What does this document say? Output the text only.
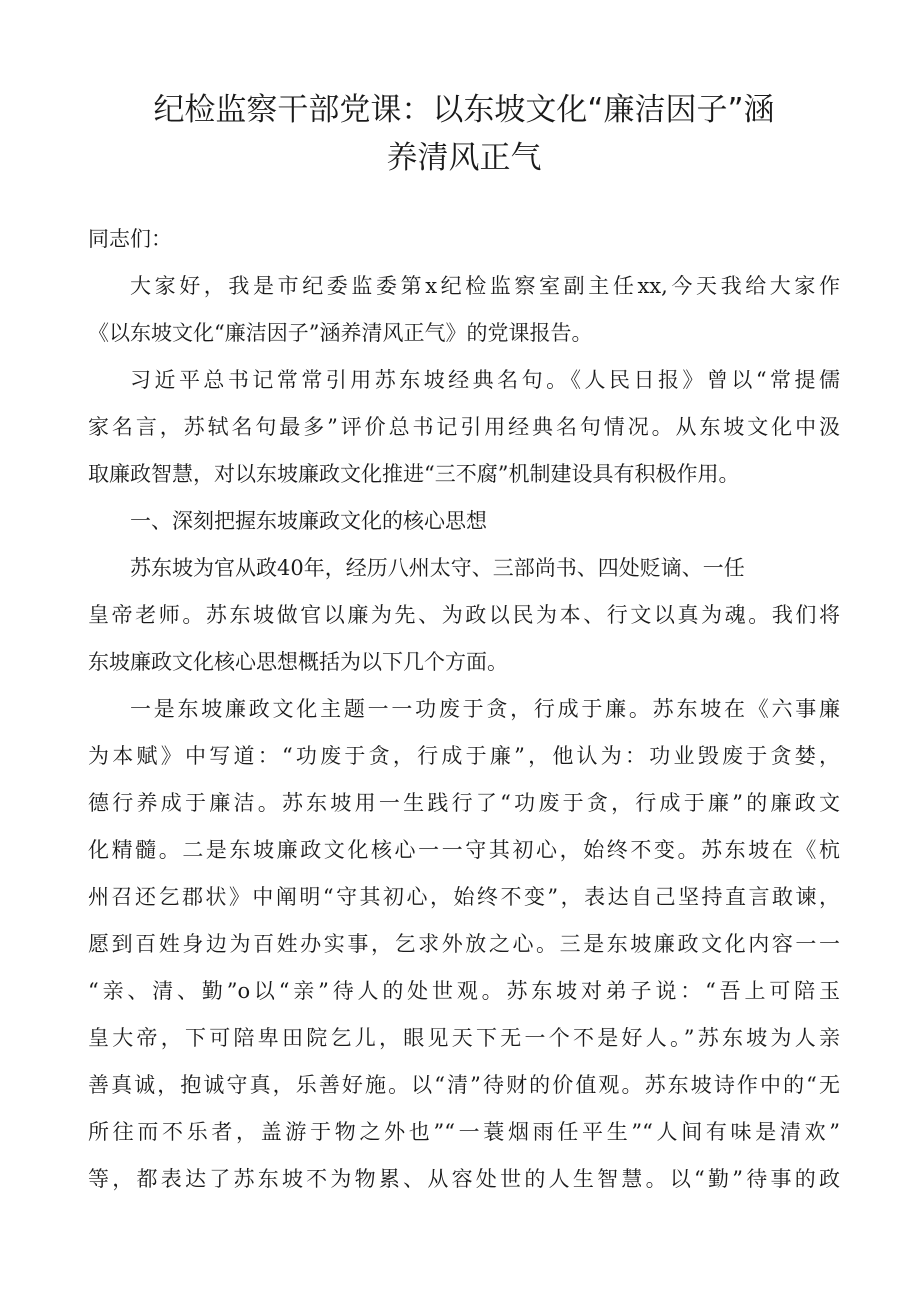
纪检监察干部党课：以东坡文化“廉洁因子”涵
养清风正气

同志们：

大家好，我是市纪委监委第x纪检监察室副主任xx,今天我给大家作
《以东坡文化“廉洁因子”涵养清风正气》的党课报告。

习近平总书记常常引用苏东坡经典名句。《人民日报》曾以“常提儒
家名言，苏轼名句最多”评价总书记引用经典名句情况。从东坡文化中汲
取廉政智慧，对以东坡廉政文化推进“三不腐”机制建设具有积极作用。

一、深刻把握东坡廉政文化的核心思想

苏东坡为官从政40年，经历八州太守、三部尚书、四处贬谪、一任
皇帝老师。苏东坡做官以廉为先、为政以民为本、行文以真为魂。我们将
东坡廉政文化核心思想概括为以下几个方面。

一是东坡廉政文化主题一一功废于贪，行成于廉。苏东坡在《六事廉
为本赋》中写道：“功废于贪，行成于廉”，他认为：功业毁废于贪婪，
德行养成于廉洁。苏东坡用一生践行了“功废于贪，行成于廉”的廉政文
化精髓。二是东坡廉政文化核心一一守其初心，始终不变。苏东坡在《杭
州召还乞郡状》中阐明“守其初心，始终不变”，表达自己坚持直言敢谏，
愿到百姓身边为百姓办实事，乞求外放之心。三是东坡廉政文化内容一一
“亲、清、勤”o以“亲”待人的处世观。苏东坡对弟子说：“吾上可陪玉
皇大帝，下可陪卑田院乞儿，眼见天下无一个不是好人。”苏东坡为人亲
善真诚，抱诚守真，乐善好施。以“清”待财的价值观。苏东坡诗作中的“无
所往而不乐者，盖游于物之外也”“一蓑烟雨任平生”“人间有味是清欢”
等，都表达了苏东坡不为物累、从容处世的人生智慧。以“勤”待事的政
